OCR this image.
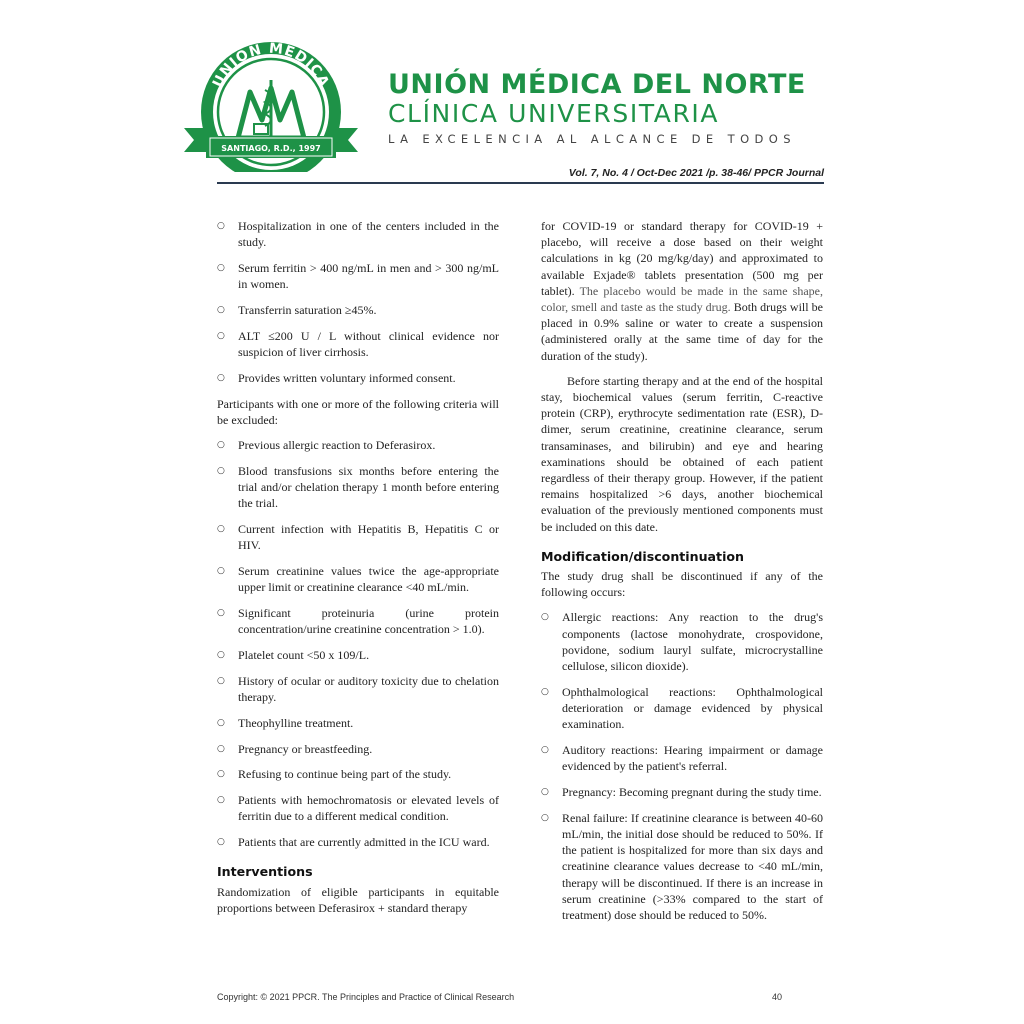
UNION MEDICA
SANTIAGO, R.D., 1997
UNIÓN MÉDICA DEL NORTE
CLÍNICA UNIVERSITARIA
LA EXCELENCIA AL ALCANCE DE TODOS
Vol. 7, No. 4 / Oct-Dec 2021 /p. 38-46/ PPCR Journal
○ Hospitalization in one of the centers included in the study.
○ Serum ferritin > 400 ng/mL in men and > 300 ng/mL in women.
○ Transferrin saturation ≥45%.
○ ALT ≤200 U / L without clinical evidence nor suspicion of liver cirrhosis.
○ Provides written voluntary informed consent.

Participants with one or more of the following criteria will be excluded:

○ Previous allergic reaction to Deferasirox.
○ Blood transfusions six months before entering the trial and/or chelation therapy 1 month before entering the trial.
○ Current infection with Hepatitis B, Hepatitis C or HIV.
○ Serum creatinine values twice the age-appropriate upper limit or creatinine clearance <40 mL/min.
○ Significant proteinuria (urine protein concentration/urine creatinine concentration > 1.0).
○ Platelet count <50 x 109/L.
○ History of ocular or auditory toxicity due to chelation therapy.
○ Theophylline treatment.
○ Pregnancy or breastfeeding.
○ Refusing to continue being part of the study.
○ Patients with hemochromatosis or elevated levels of ferritin due to a different medical condition.
○ Patients that are currently admitted in the ICU ward.
Interventions

Randomization of eligible participants in equitable proportions between Deferasirox + standard therapy

for COVID-19 or standard therapy for COVID-19 + placebo, will receive a dose based on their weight calculations in kg (20 mg/kg/day) and approximated to available Exjade® tablets presentation (500 mg per tablet). The placebo would be made in the same shape, color, smell and taste as the study drug. Both drugs will be placed in 0.9% saline or water to create a suspension (administered orally at the same time of day for the duration of the study).

Before starting therapy and at the end of the hospital stay, biochemical values (serum ferritin, C-reactive protein (CRP), erythrocyte sedimentation rate (ESR), D-dimer, serum creatinine, creatinine clearance, serum transaminases, and bilirubin) and eye and hearing examinations should be obtained of each patient regardless of their therapy group. However, if the patient remains hospitalized >6 days, another biochemical evaluation of the previously mentioned components must be included on this date.

Modification/discontinuation

The study drug shall be discontinued if any of the following occurs:

○ Allergic reactions: Any reaction to the drug's components (lactose monohydrate, crospovidone, povidone, sodium lauryl sulfate, microcrystalline cellulose, silicon dioxide).
○ Ophthalmological reactions: Ophthalmological deterioration or damage evidenced by physical examination.
○ Auditory reactions: Hearing impairment or damage evidenced by the patient's referral.
○ Pregnancy: Becoming pregnant during the study time.
○ Renal failure: If creatinine clearance is between 40-60 mL/min, the initial dose should be reduced to 50%. If the patient is hospitalized for more than six days and creatinine clearance values decrease to <40 mL/min, therapy will be discontinued. If there is an increase in serum creatinine (>33% compared to the start of treatment) dose should be reduced to 50%.
Copyright: © 2021 PPCR. The Principles and Practice of Clinical Research	40
